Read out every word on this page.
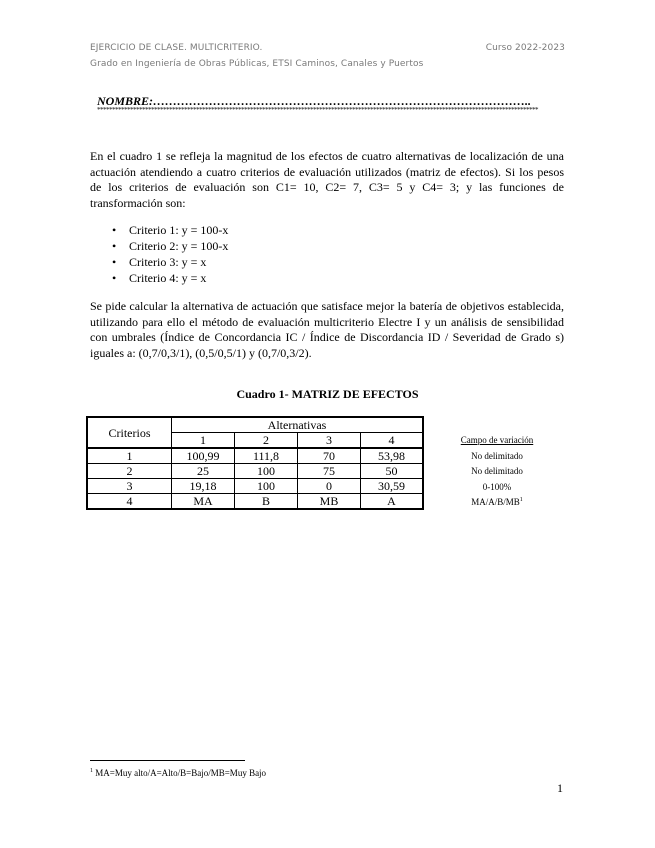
EJERCICIO DE CLASE. MULTICRITERIO.	Curso 2022-2023
Grado en Ingeniería de Obras Públicas, ETSI Caminos, Canales y Puertos
NOMBRE:…………………………………………………………………………………..
***************************************************************************************************************************************************

En el cuadro 1 se refleja la magnitud de los efectos de cuatro alternativas de localización de una actuación atendiendo a cuatro criterios de evaluación utilizados (matriz de efectos). Si los pesos de los criterios de evaluación son C1= 10, C2= 7, C3= 5 y C4= 3; y las funciones de transformación son:

• Criterio 1: y = 100-x
• Criterio 2: y = 100-x
• Criterio 3: y = x
• Criterio 4: y = x

Se pide calcular la alternativa de actuación que satisface mejor la batería de objetivos establecida, utilizando para ello el método de evaluación multicriterio Electre I y un análisis de sensibilidad con umbrales (Índice de Concordancia IC / Índice de Discordancia ID / Severidad de Grado s) iguales a: (0,7/0,3/1), (0,5/0,5/1) y (0,7/0,3/2).

Cuadro 1- MATRIZ DE EFECTOS
Criterios	Alternativas			
	1	2	3	4
1	100,99	111,8	70	53,98
2	25	100	75	50
3	19,18	100	0	30,59
4	MA	B	MB	A
Campo de variación
No delimitado
No delimitado
0-100%
$MA/A/B/MB^1$
$^1$ MA=Muy alto/A=Alto/B=Bajo/MB=Muy Bajo
1
